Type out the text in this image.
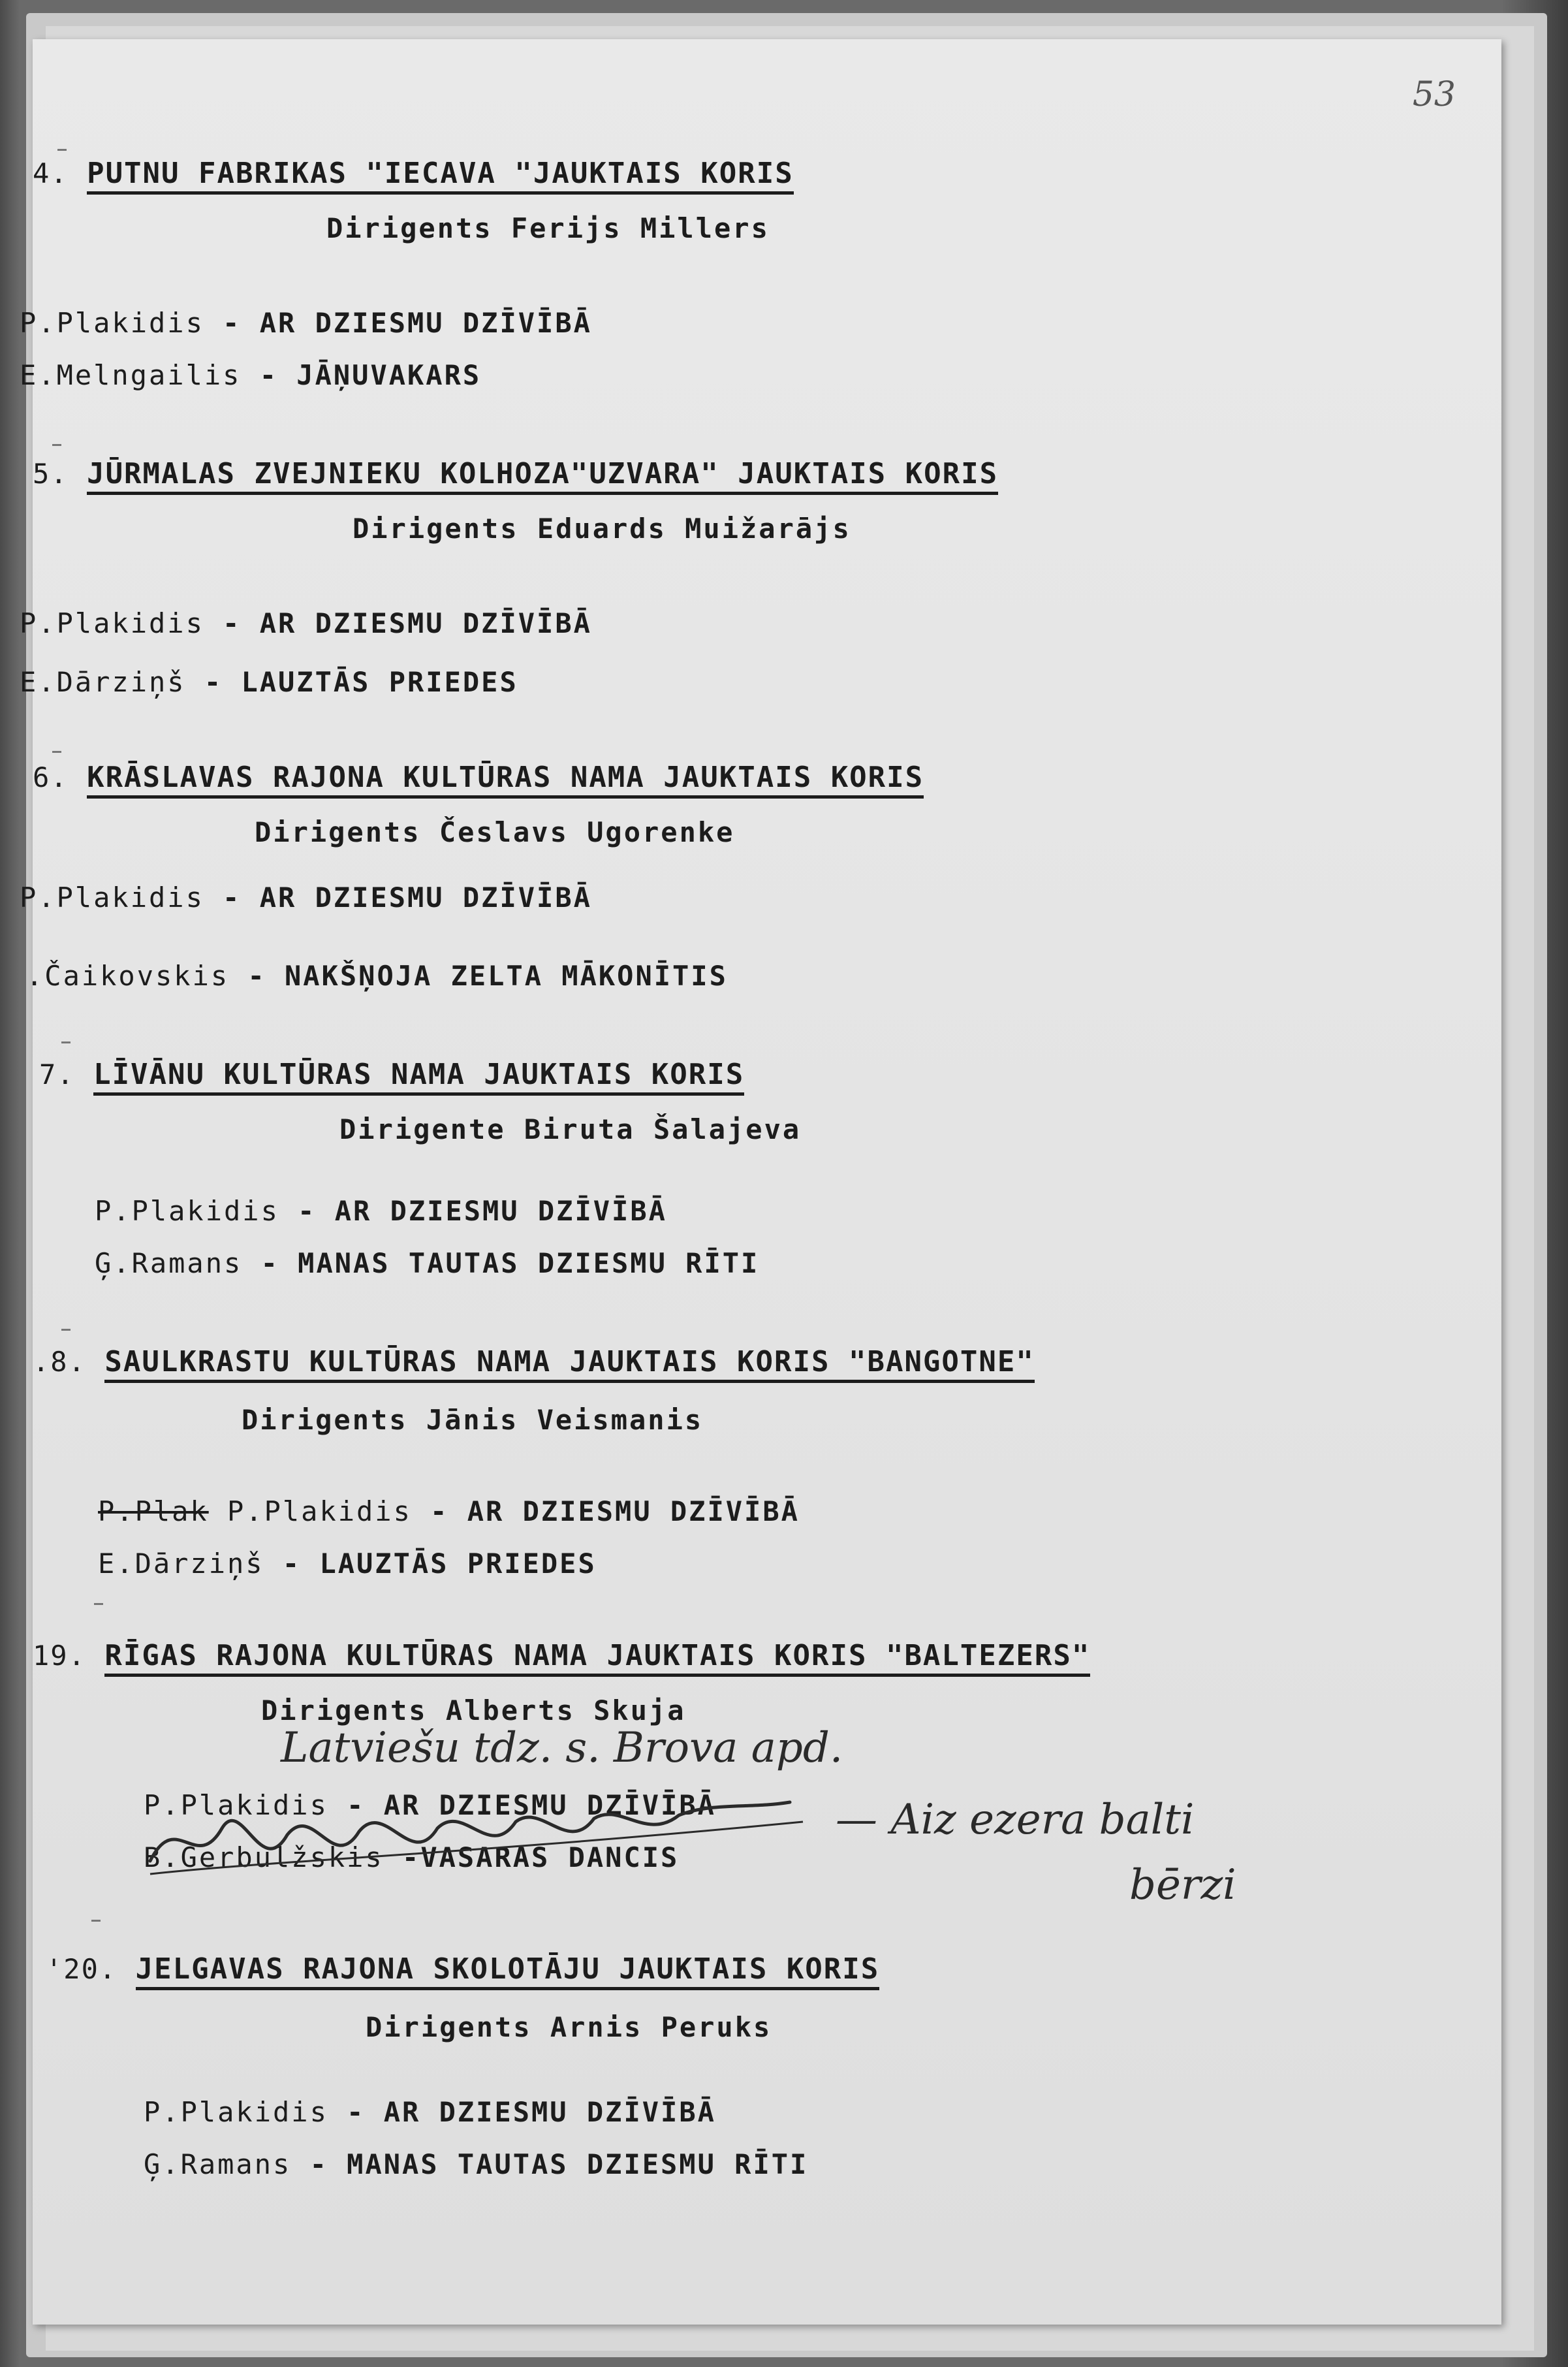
53
4. PUTNU FABRIKAS "IECAVA "JAUKTAIS KORIS
Dirigents Ferijs Millers
P.Plakidis - AR DZIESMU DZĪVĪBĀ
E.Melngailis - JĀŅUVAKARS
5. JŪRMALAS ZVEJNIEKU KOLHOZA"UZVARA" JAUKTAIS KORIS
Dirigents Eduards Muižarājs
P.Plakidis - AR DZIESMU DZĪVĪBĀ
E.Dārziņš - LAUZTĀS PRIEDES
6. KRĀSLAVAS RAJONA KULTŪRAS NAMA JAUKTAIS KORIS
Dirigents Česlavs Ugorenke
P.Plakidis - AR DZIESMU DZĪVĪBĀ
.Čaikovskis - NAKŠŅOJA ZELTA MĀKONĪTIS
7. LĪVĀNU KULTŪRAS NAMA JAUKTAIS KORIS
Dirigente Biruta Šalajeva
P.Plakidis - AR DZIESMU DZĪVĪBĀ
Ģ.Ramans - MANAS TAUTAS DZIESMU RĪTI
.8. SAULKRASTU KULTŪRAS NAMA JAUKTAIS KORIS "BANGOTNE"
Dirigents Jānis Veismanis
P.Plak P.Plakidis - AR DZIESMU DZĪVĪBĀ
E.Dārziņš - LAUZTĀS PRIEDES
19. RĪGAS RAJONA KULTŪRAS NAMA JAUKTAIS KORIS "BALTEZERS"
Dirigents Alberts Skuja
Latviešu tdz. s. Brova apd.
P.Plakidis - AR DZIESMU DZĪVĪBĀ
B.Gerbulžskis -VASARAS DANCIS
— Aiz ezera balti
bērzi
'20. JELGAVAS RAJONA SKOLOTĀJU JAUKTAIS KORIS
Dirigents Arnis Peruks
P.Plakidis - AR DZIESMU DZĪVĪBĀ
Ģ.Ramans - MANAS TAUTAS DZIESMU RĪTI
